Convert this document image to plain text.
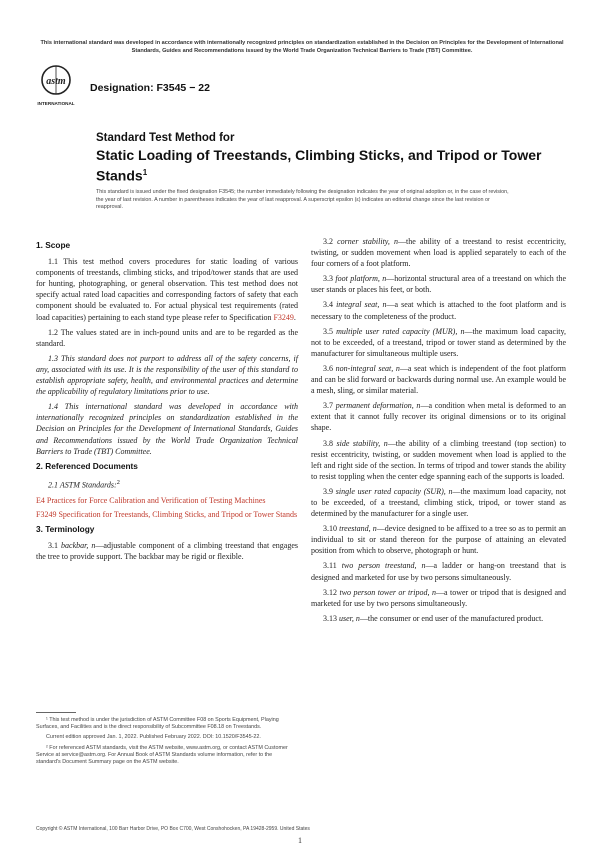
This international standard was developed in accordance with internationally recognized principles on standardization established in the Decision on Principles for the Development of International Standards, Guides and Recommendations issued by the World Trade Organization Technical Barriers to Trade (TBT) Committee.
astm
INTERNATIONAL
Designation: F3545 − 22
Standard Test Method for
Static Loading of Treestands, Climbing Sticks, and Tripod or Tower Stands$^1$
This standard is issued under the fixed designation F3545; the number immediately following the designation indicates the year of original adoption or, in the case of revision, the year of last revision. A number in parentheses indicates the year of last reapproval. A superscript epsilon (ε) indicates an editorial change since the last revision or reapproval.
1. Scope

1.1 This test method covers procedures for static loading of various components of treestands, climbing sticks, and tripod/tower stands that are used for hunting, photographing, or general observation. This test method does not specify actual rated load capacities and corresponding factors of safety that each component should be evaluated to. For actual physical test requirements (rated load capacities) pertaining to each stand type please refer to Specification F3249.

1.2 The values stated are in inch-pound units and are to be regarded as the standard.

1.3 This standard does not purport to address all of the safety concerns, if any, associated with its use. It is the responsibility of the user of this standard to establish appropriate safety, health, and environmental practices and determine the applicability of regulatory limitations prior to use.

1.4 This international standard was developed in accordance with internationally recognized principles on standardization established in the Decision on Principles for the Development of International Standards, Guides and Recommendations issued by the World Trade Organization Technical Barriers to Trade (TBT) Committee.

2. Referenced Documents

2.1 ASTM Standards:$^2$

E4 Practices for Force Calibration and Verification of Testing Machines
F3249 Specification for Treestands, Climbing Sticks, and Tripod or Tower Stands
3. Terminology

3.1 backbar, n—adjustable component of a climbing treestand that engages the tree to provide support. The backbar may be rigid or flexible.

3.2 corner stability, n—the ability of a treestand to resist eccentricity, twisting, or sudden movement when load is applied separately to each of the four corners of a foot platform.

3.3 foot platform, n—horizontal structural area of a treestand on which the user stands or places his feet, or both.

3.4 integral seat, n—a seat which is attached to the foot platform and is necessary to the completeness of the product.

3.5 multiple user rated capacity (MUR), n—the maximum load capacity, not to be exceeded, of a treestand, tripod or tower stand as determined by the manufacturer for simultaneous multiple users.

3.6 non-integral seat, n—a seat which is independent of the foot platform and can be slid forward or backwards during normal use. An example would be a mesh, sling, or similar material.

3.7 permanent deformation, n—a condition when metal is deformed to an extent that it cannot fully recover its original dimensions or to its original shape.

3.8 side stability, n—the ability of a climbing treestand (top section) to resist eccentricity, twisting, or sudden movement when load is applied to the left and right side of the section. In terms of tripod and tower stands the ability to resist toppling when the center edge spanning each of the supports is loaded.

3.9 single user rated capacity (SUR), n—the maximum load capacity, not to be exceeded, of a treestand, climbing stick, tripod, or tower stand as determined by the manufacturer for a single user.

3.10 treestand, n—device designed to be affixed to a tree so as to permit an individual to sit or stand thereon for the purpose of attaining an elevated position from which to observe, photograph or hunt.

3.11 two person treestand, n—a ladder or hang-on treestand that is designed and marketed for use by two persons simultaneously.

3.12 two person tower or tripod, n—a tower or tripod that is designed and marketed for use by two persons simultaneously.

3.13 user, n—the consumer or end user of the manufactured product.

¹ This test method is under the jurisdiction of ASTM Committee F08 on Sports Equipment, Playing Surfaces, and Facilities and is the direct responsibility of Subcommittee F08.18 on Treestands.

Current edition approved Jan. 1, 2022. Published February 2022. DOI: 10.1520/F3545-22.

² For referenced ASTM standards, visit the ASTM website, www.astm.org, or contact ASTM Customer Service at service@astm.org. For Annual Book of ASTM Standards volume information, refer to the standard's Document Summary page on the ASTM website.

Copyright © ASTM International, 100 Barr Harbor Drive, PO Box C700, West Conshohocken, PA 19428-2959. United States
1
